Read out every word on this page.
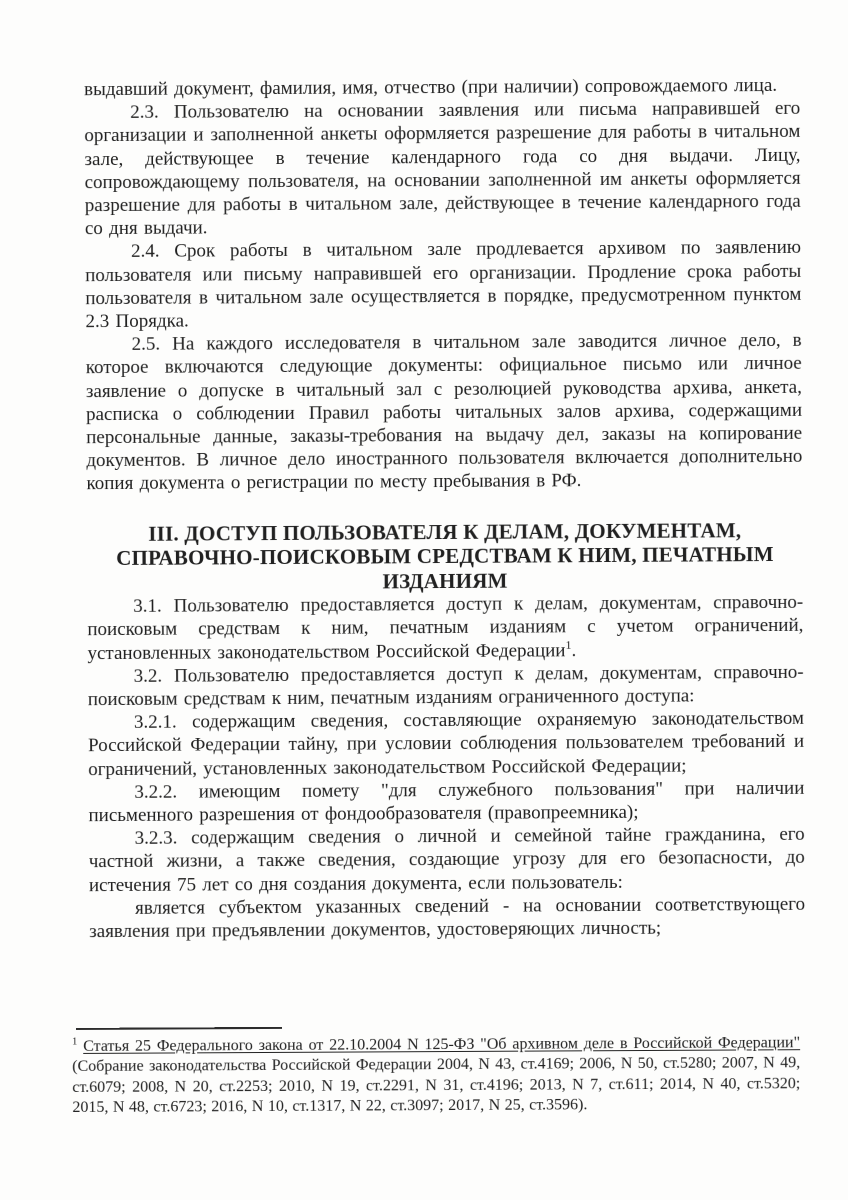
выдавший документ, фамилия, имя, отчество (при наличии) сопровождаемого лица.

2.3. Пользователю на основании заявления или письма направившей его организации и заполненной анкеты оформляется разрешение для работы в читальном зале, действующее в течение календарного года со дня выдачи. Лицу, сопровождающему пользователя, на основании заполненной им анкеты оформляется разрешение для работы в читальном зале, действующее в течение календарного года со дня выдачи.

2.4. Срок работы в читальном зале продлевается архивом по заявлению пользователя или письму направившей его организации. Продление срока работы пользователя в читальном зале осуществляется в порядке, предусмотренном пунктом 2.3 Порядка.

2.5. На каждого исследователя в читальном зале заводится личное дело, в которое включаются следующие документы: официальное письмо или личное заявление о допуске в читальный зал с резолюцией руководства архива, анкета, расписка о соблюдении Правил работы читальных залов архива, содержащими персональные данные, заказы-требования на выдачу дел, заказы на копирование документов. В личное дело иностранного пользователя включается дополнительно копия документа о регистрации по месту пребывания в РФ.

III. ДОСТУП ПОЛЬЗОВАТЕЛЯ К ДЕЛАМ, ДОКУМЕНТАМ,
СПРАВОЧНО-ПОИСКОВЫМ СРЕДСТВАМ К НИМ, ПЕЧАТНЫМ
ИЗДАНИЯМ

3.1. Пользователю предоставляется доступ к делам, документам, справочно-поисковым средствам к ним, печатным изданиям с учетом ограничений, установленных законодательством Российской Федерации$^1$.

3.2. Пользователю предоставляется доступ к делам, документам, справочно-поисковым средствам к ним, печатным изданиям ограниченного доступа:

3.2.1. содержащим сведения, составляющие охраняемую законодательством Российской Федерации тайну, при условии соблюдения пользователем требований и ограничений, установленных законодательством Российской Федерации;

3.2.2. имеющим помету "для служебного пользования" при наличии письменного разрешения от фондообразователя (правопреемника);

3.2.3. содержащим сведения о личной и семейной тайне гражданина, его частной жизни, а также сведения, создающие угрозу для его безопасности, до истечения 75 лет со дня создания документа, если пользователь:

является субъектом указанных сведений - на основании соответствующего заявления при предъявлении документов, удостоверяющих личность;

$^1$ Статья 25 Федерального закона от 22.10.2004 N 125-ФЗ "Об архивном деле в Российской Федерации" (Собрание законодательства Российской Федерации 2004, N 43, ст.4169; 2006, N 50, ст.5280; 2007, N 49, ст.6079; 2008, N 20, ст.2253; 2010, N 19, ст.2291, N 31, ст.4196; 2013, N 7, ст.611; 2014, N 40, ст.5320; 2015, N 48, ст.6723; 2016, N 10, ст.1317, N 22, ст.3097; 2017, N 25, ст.3596).
